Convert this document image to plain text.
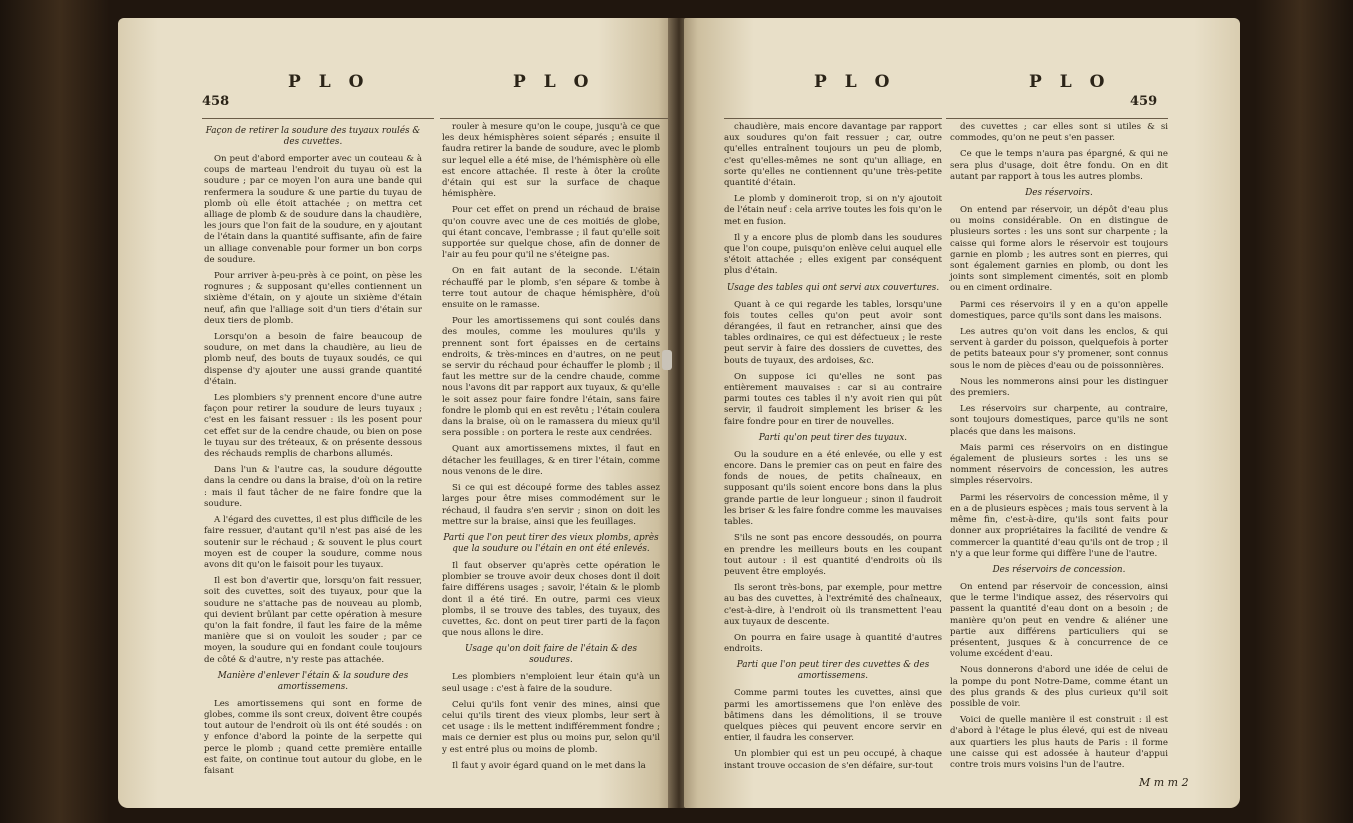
458
P L O	P L O
Façon de retirer la soudure des tuyaux roulés & des cuvettes.

On peut d'abord emporter avec un couteau & à coups de marteau l'endroit du tuyau où est la soudure ; par ce moyen l'on aura une bande qui renfermera la soudure & une partie du tuyau de plomb où elle étoit attachée ; on mettra cet alliage de plomb & de soudure dans la chaudière, les jours que l'on fait de la soudure, en y ajoutant de l'étain dans la quantité suffisante, afin de faire un alliage convenable pour former un bon corps de soudure.

Pour arriver à-peu-près à ce point, on pèse les rognures ; & supposant qu'elles contiennent un sixième d'étain, on y ajoute un sixième d'étain neuf, afin que l'alliage soit d'un tiers d'étain sur deux tiers de plomb.

Lorsqu'on a besoin de faire beaucoup de soudure, on met dans la chaudière, au lieu de plomb neuf, des bouts de tuyaux soudés, ce qui dispense d'y ajouter une aussi grande quantité d'étain.

Les plombiers s'y prennent encore d'une autre façon pour retirer la soudure de leurs tuyaux ; c'est en les faisant ressuer : ils les posent pour cet effet sur de la cendre chaude, ou bien on pose le tuyau sur des tréteaux, & on présente dessous des réchauds remplis de charbons allumés.

Dans l'un & l'autre cas, la soudure dégoutte dans la cendre ou dans la braise, d'où on la retire : mais il faut tâcher de ne faire fondre que la soudure.

A l'égard des cuvettes, il est plus difficile de les faire ressuer, d'autant qu'il n'est pas aisé de les soutenir sur le réchaud ; & souvent le plus court moyen est de couper la soudure, comme nous avons dit qu'on le faisoit pour les tuyaux.

Il est bon d'avertir que, lorsqu'on fait ressuer, soit des cuvettes, soit des tuyaux, pour que la soudure ne s'attache pas de nouveau au plomb, qui devient brûlant par cette opération à mesure qu'on la fait fondre, il faut les faire de la même manière que si on vouloit les souder ; par ce moyen, la soudure qui en fondant coule toujours de côté & d'autre, n'y reste pas attachée.

Manière d'enlever l'étain & la soudure des amortissemens.

Les amortissemens qui sont en forme de globes, comme ils sont creux, doivent être coupés tout autour de l'endroit où ils ont été soudés : on y enfonce d'abord la pointe de la serpette qui perce le plomb ; quand cette première entaille est faite, on continue tout autour du globe, en le faisant

rouler à mesure qu'on le coupe, jusqu'à ce que les deux hémisphères soient séparés ; ensuite il faudra retirer la bande de soudure, avec le plomb sur lequel elle a été mise, de l'hémisphère où elle est encore attachée. Il reste à ôter la croûte d'étain qui est sur la surface de chaque hémisphère.

Pour cet effet on prend un réchaud de braise qu'on couvre avec une de ces moitiés de globe, qui étant concave, l'embrasse ; il faut qu'elle soit supportée sur quelque chose, afin de donner de l'air au feu pour qu'il ne s'éteigne pas.

On en fait autant de la seconde. L'étain réchauffé par le plomb, s'en sépare & tombe à terre tout autour de chaque hémisphère, d'où ensuite on le ramasse.

Pour les amortissemens qui sont coulés dans des moules, comme les moulures qu'ils y prennent sont fort épaisses en de certains endroits, & très-minces en d'autres, on ne peut se servir du réchaud pour échauffer le plomb ; il faut les mettre sur de la cendre chaude, comme nous l'avons dit par rapport aux tuyaux, & qu'elle le soit assez pour faire fondre l'étain, sans faire fondre le plomb qui en est revêtu ; l'étain coulera dans la braise, où on le ramassera du mieux qu'il sera possible : on portera le reste aux cendrées.

Quant aux amortissemens mixtes, il faut en détacher les feuillages, & en tirer l'étain, comme nous venons de le dire.

Si ce qui est découpé forme des tables assez larges pour être mises commodément sur le réchaud, il faudra s'en servir ; sinon on doit les mettre sur la braise, ainsi que les feuillages.

Parti que l'on peut tirer des vieux plombs, après que la soudure ou l'étain en ont été enlevés.

Il faut observer qu'après cette opération le plombier se trouve avoir deux choses dont il doit faire différens usages ; savoir, l'étain & le plomb dont il a été tiré. En outre, parmi ces vieux plombs, il se trouve des tables, des tuyaux, des cuvettes, &c. dont on peut tirer parti de la façon que nous allons le dire.

Usage qu'on doit faire de l'étain & des soudures.

Les plombiers n'emploient leur étain qu'à un seul usage : c'est à faire de la soudure.

Celui qu'ils font venir des mines, ainsi que celui qu'ils tirent des vieux plombs, leur sert à cet usage : ils le mettent indifféremment fondre ; mais ce dernier est plus ou moins pur, selon qu'il y est entré plus ou moins de plomb.

Il faut y avoir égard quand on le met dans la

P L O	P L O
459

chaudière, mais encore davantage par rapport aux soudures qu'on fait ressuer ; car, outre qu'elles entraînent toujours un peu de plomb, c'est qu'elles-mêmes ne sont qu'un alliage, en sorte qu'elles ne contiennent qu'une très-petite quantité d'étain.

Le plomb y domineroit trop, si on n'y ajoutoit de l'étain neuf : cela arrive toutes les fois qu'on le met en fusion.

Il y a encore plus de plomb dans les soudures que l'on coupe, puisqu'on enlève celui auquel elle s'étoit attachée ; elles exigent par conséquent plus d'étain.

Usage des tables qui ont servi aux couvertures.

Quant à ce qui regarde les tables, lorsqu'une fois toutes celles qu'on peut avoir sont dérangées, il faut en retrancher, ainsi que des tables ordinaires, ce qui est défectueux ; le reste peut servir à faire des dossiers de cuvettes, des bouts de tuyaux, des ardoises, &c.

On suppose ici qu'elles ne sont pas entièrement mauvaises : car si au contraire parmi toutes ces tables il n'y avoit rien qui pût servir, il faudroit simplement les briser & les faire fondre pour en tirer de nouvelles.

Parti qu'on peut tirer des tuyaux.

Ou la soudure en a été enlevée, ou elle y est encore. Dans le premier cas on peut en faire des fonds de noues, de petits chaîneaux, en supposant qu'ils soient encore bons dans la plus grande partie de leur longueur ; sinon il faudroit les briser & les faire fondre comme les mauvaises tables.

S'ils ne sont pas encore dessoudés, on pourra en prendre les meilleurs bouts en les coupant tout autour : il est quantité d'endroits où ils peuvent être employés.

Ils seront très-bons, par exemple, pour mettre au bas des cuvettes, à l'extrémité des chaîneaux, c'est-à-dire, à l'endroit où ils transmettent l'eau aux tuyaux de descente.

On pourra en faire usage à quantité d'autres endroits.

Parti que l'on peut tirer des cuvettes & des amortissemens.

Comme parmi toutes les cuvettes, ainsi que parmi les amortissemens que l'on enlève des bâtimens dans les démolitions, il se trouve quelques pièces qui peuvent encore servir en entier, il faudra les conserver.

Un plombier qui est un peu occupé, à chaque instant trouve occasion de s'en défaire, sur-tout

des cuvettes ; car elles sont si utiles & si commodes, qu'on ne peut s'en passer.

Ce que le temps n'aura pas épargné, & qui ne sera plus d'usage, doit être fondu. On en dit autant par rapport à tous les autres plombs.

Des réservoirs.

On entend par réservoir, un dépôt d'eau plus ou moins considérable. On en distingue de plusieurs sortes : les uns sont sur charpente ; la caisse qui forme alors le réservoir est toujours garnie en plomb ; les autres sont en pierres, qui sont également garnies en plomb, ou dont les joints sont simplement cimentés, soit en plomb ou en ciment ordinaire.

Parmi ces réservoirs il y en a qu'on appelle domestiques, parce qu'ils sont dans les maisons.

Les autres qu'on voit dans les enclos, & qui servent à garder du poisson, quelquefois à porter de petits bateaux pour s'y promener, sont connus sous le nom de pièces d'eau ou de poissonnières.

Nous les nommerons ainsi pour les distinguer des premiers.

Les réservoirs sur charpente, au contraire, sont toujours domestiques, parce qu'ils ne sont placés que dans les maisons.

Mais parmi ces réservoirs on en distingue également de plusieurs sortes : les uns se nomment réservoirs de concession, les autres simples réservoirs.

Parmi les réservoirs de concession même, il y en a de plusieurs espèces ; mais tous servent à la même fin, c'est-à-dire, qu'ils sont faits pour donner aux propriétaires la facilité de vendre & commercer la quantité d'eau qu'ils ont de trop ; il n'y a que leur forme qui diffère l'une de l'autre.

Des réservoirs de concession.

On entend par réservoir de concession, ainsi que le terme l'indique assez, des réservoirs qui passent la quantité d'eau dont on a besoin ; de manière qu'on peut en vendre & aliéner une partie aux différens particuliers qui se présentent, jusques & à concurrence de ce volume excédent d'eau.

Nous donnerons d'abord une idée de celui de la pompe du pont Notre-Dame, comme étant un des plus grands & des plus curieux qu'il soit possible de voir.

Voici de quelle manière il est construit : il est d'abord à l'étage le plus élevé, qui est de niveau aux quartiers les plus hauts de Paris : il forme une caisse qui est adossée à hauteur d'appui contre trois murs voisins l'un de l'autre.

M m m 2
